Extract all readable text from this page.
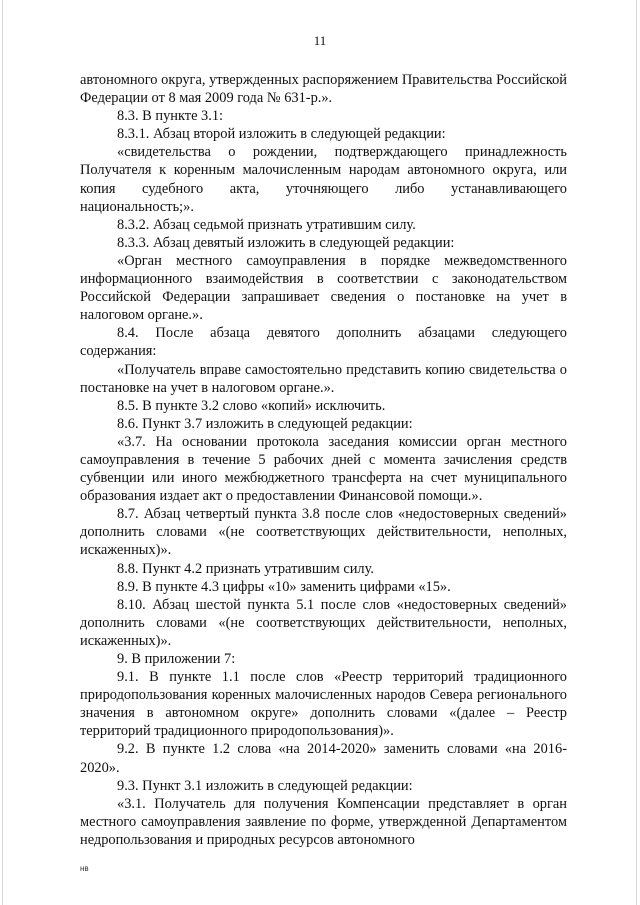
11

автономного округа, утвержденных распоряжением Правительства Российской Федерации от 8 мая 2009 года № 631-р.».

8.3. В пункте 3.1:

8.3.1. Абзац второй изложить в следующей редакции:

«свидетельства о рождении, подтверждающего принадлежность Получателя к коренным малочисленным народам автономного округа, или копия судебного акта, уточняющего либо устанавливающего национальность;».

8.3.2. Абзац седьмой признать утратившим силу.

8.3.3. Абзац девятый изложить в следующей редакции:

«Орган местного самоуправления в порядке межведомственного информационного взаимодействия в соответствии с законодательством Российской Федерации запрашивает сведения о постановке на учет в налоговом органе.».

8.4. После абзаца девятого дополнить абзацами следующего содержания:

«Получатель вправе самостоятельно представить копию свидетельства о постановке на учет в налоговом органе.».

8.5. В пункте 3.2 слово «копий» исключить.

8.6. Пункт 3.7 изложить в следующей редакции:

«3.7. На основании протокола заседания комиссии орган местного самоуправления в течение 5 рабочих дней с момента зачисления средств субвенции или иного межбюджетного трансферта на счет муниципального образования издает акт о предоставлении Финансовой помощи.».

8.7. Абзац четвертый пункта 3.8 после слов «недостоверных сведений» дополнить словами «(не соответствующих действительности, неполных, искаженных)».

8.8. Пункт 4.2 признать утратившим силу.

8.9. В пункте 4.3 цифры «10» заменить цифрами «15».

8.10. Абзац шестой пункта 5.1 после слов «недостоверных сведений» дополнить словами «(не соответствующих действительности, неполных, искаженных)».

9. В приложении 7:

9.1. В пункте 1.1 после слов «Реестр территорий традиционного природопользования коренных малочисленных народов Севера регионального значения в автономном округе» дополнить словами «(далее – Реестр территорий традиционного природопользования)».

9.2. В пункте 1.2 слова «на 2014-2020» заменить словами «на 2016-2020».

9.3. Пункт 3.1 изложить в следующей редакции:

«3.1. Получатель для получения Компенсации представляет в орган местного самоуправления заявление по форме, утвержденной Департаментом недропользования и природных ресурсов автономного

нв
